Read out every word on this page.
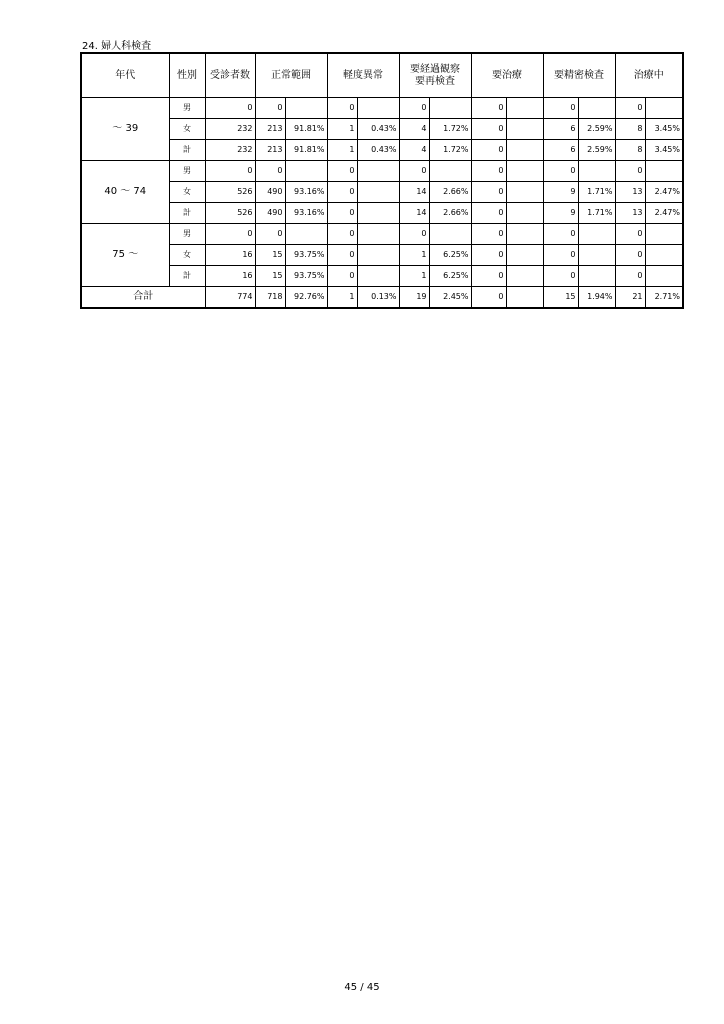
24. 婦人科検査
年代	性別	受診者数	正常範囲		軽度異常		要経過観察
要再検査		要治療		要精密検査		治療中	
～ 39	男	0	0		0		0		0		0		0	
	女	232	213	91.81%	1	0.43%	4	1.72%	0		6	2.59%	8	3.45%
	計	232	213	91.81%	1	0.43%	4	1.72%	0		6	2.59%	8	3.45%
40 ～ 74	男	0	0		0		0		0		0		0	
	女	526	490	93.16%	0		14	2.66%	0		9	1.71%	13	2.47%
	計	526	490	93.16%	0		14	2.66%	0		9	1.71%	13	2.47%
75 ～	男	0	0		0		0		0		0		0	
	女	16	15	93.75%	0		1	6.25%	0		0		0	
	計	16	15	93.75%	0		1	6.25%	0		0		0	
合計		774	718	92.76%	1	0.13%	19	2.45%	0		15	1.94%	21	2.71%
45 / 45
